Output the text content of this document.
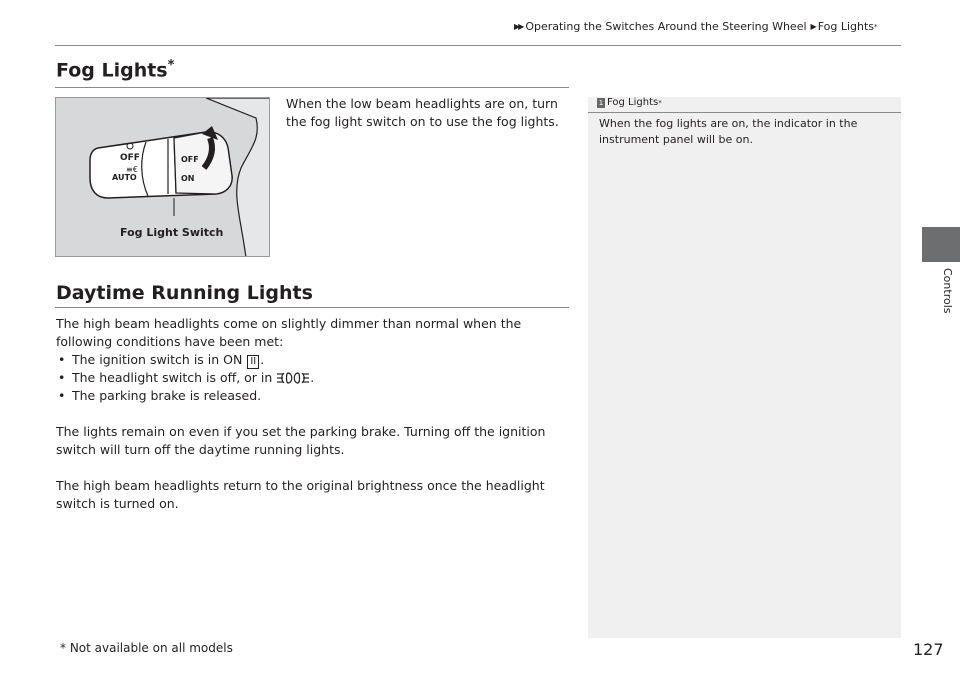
▶▶ Operating the Switches Around the Steering Wheel ▶ Fog Lights *
Fog Lights*
OFF
AUTO
OFF
ON
≡€
Fog Light Switch
When the low beam headlights are on, turn the fog light switch on to use the fog lights.
Daytime Running Lights

The high beam headlights come on slightly dimmer than normal when the following conditions have been met:

• The ignition switch is in ON II .
• The headlight switch is off, or in	.
• The parking brake is released.

The lights remain on even if you set the parking brake. Turning off the ignition switch will turn off the daytime running lights.

The high beam headlights return to the original brightness once the headlight switch is turned on.

1 Fog Lights *
When the fog lights are on, the indicator in the instrument panel will be on.
Controls
* Not available on all models	127
